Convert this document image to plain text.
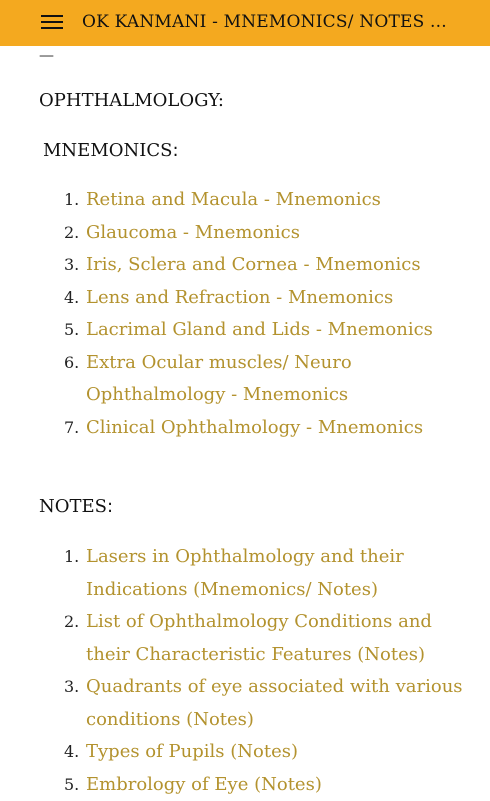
OK KANMANI - MNEMONICS/ NOTES ...
—
OPHTHALMOLOGY:
MNEMONICS:
1. Retina and Macula - Mnemonics
2. Glaucoma - Mnemonics
3. Iris, Sclera and Cornea - Mnemonics
4. Lens and Refraction - Mnemonics
5. Lacrimal Gland and Lids - Mnemonics
6. Extra Ocular muscles/ Neuro Ophthalmology - Mnemonics
7. Clinical Ophthalmology - Mnemonics
NOTES:
1. Lasers in Ophthalmology and their Indications (Mnemonics/ Notes)
2. List of Ophthalmology Conditions and their Characteristic Features (Notes)
3. Quadrants of eye associated with various conditions (Notes)
4. Types of Pupils (Notes)
5. Embrology of Eye (Notes)
